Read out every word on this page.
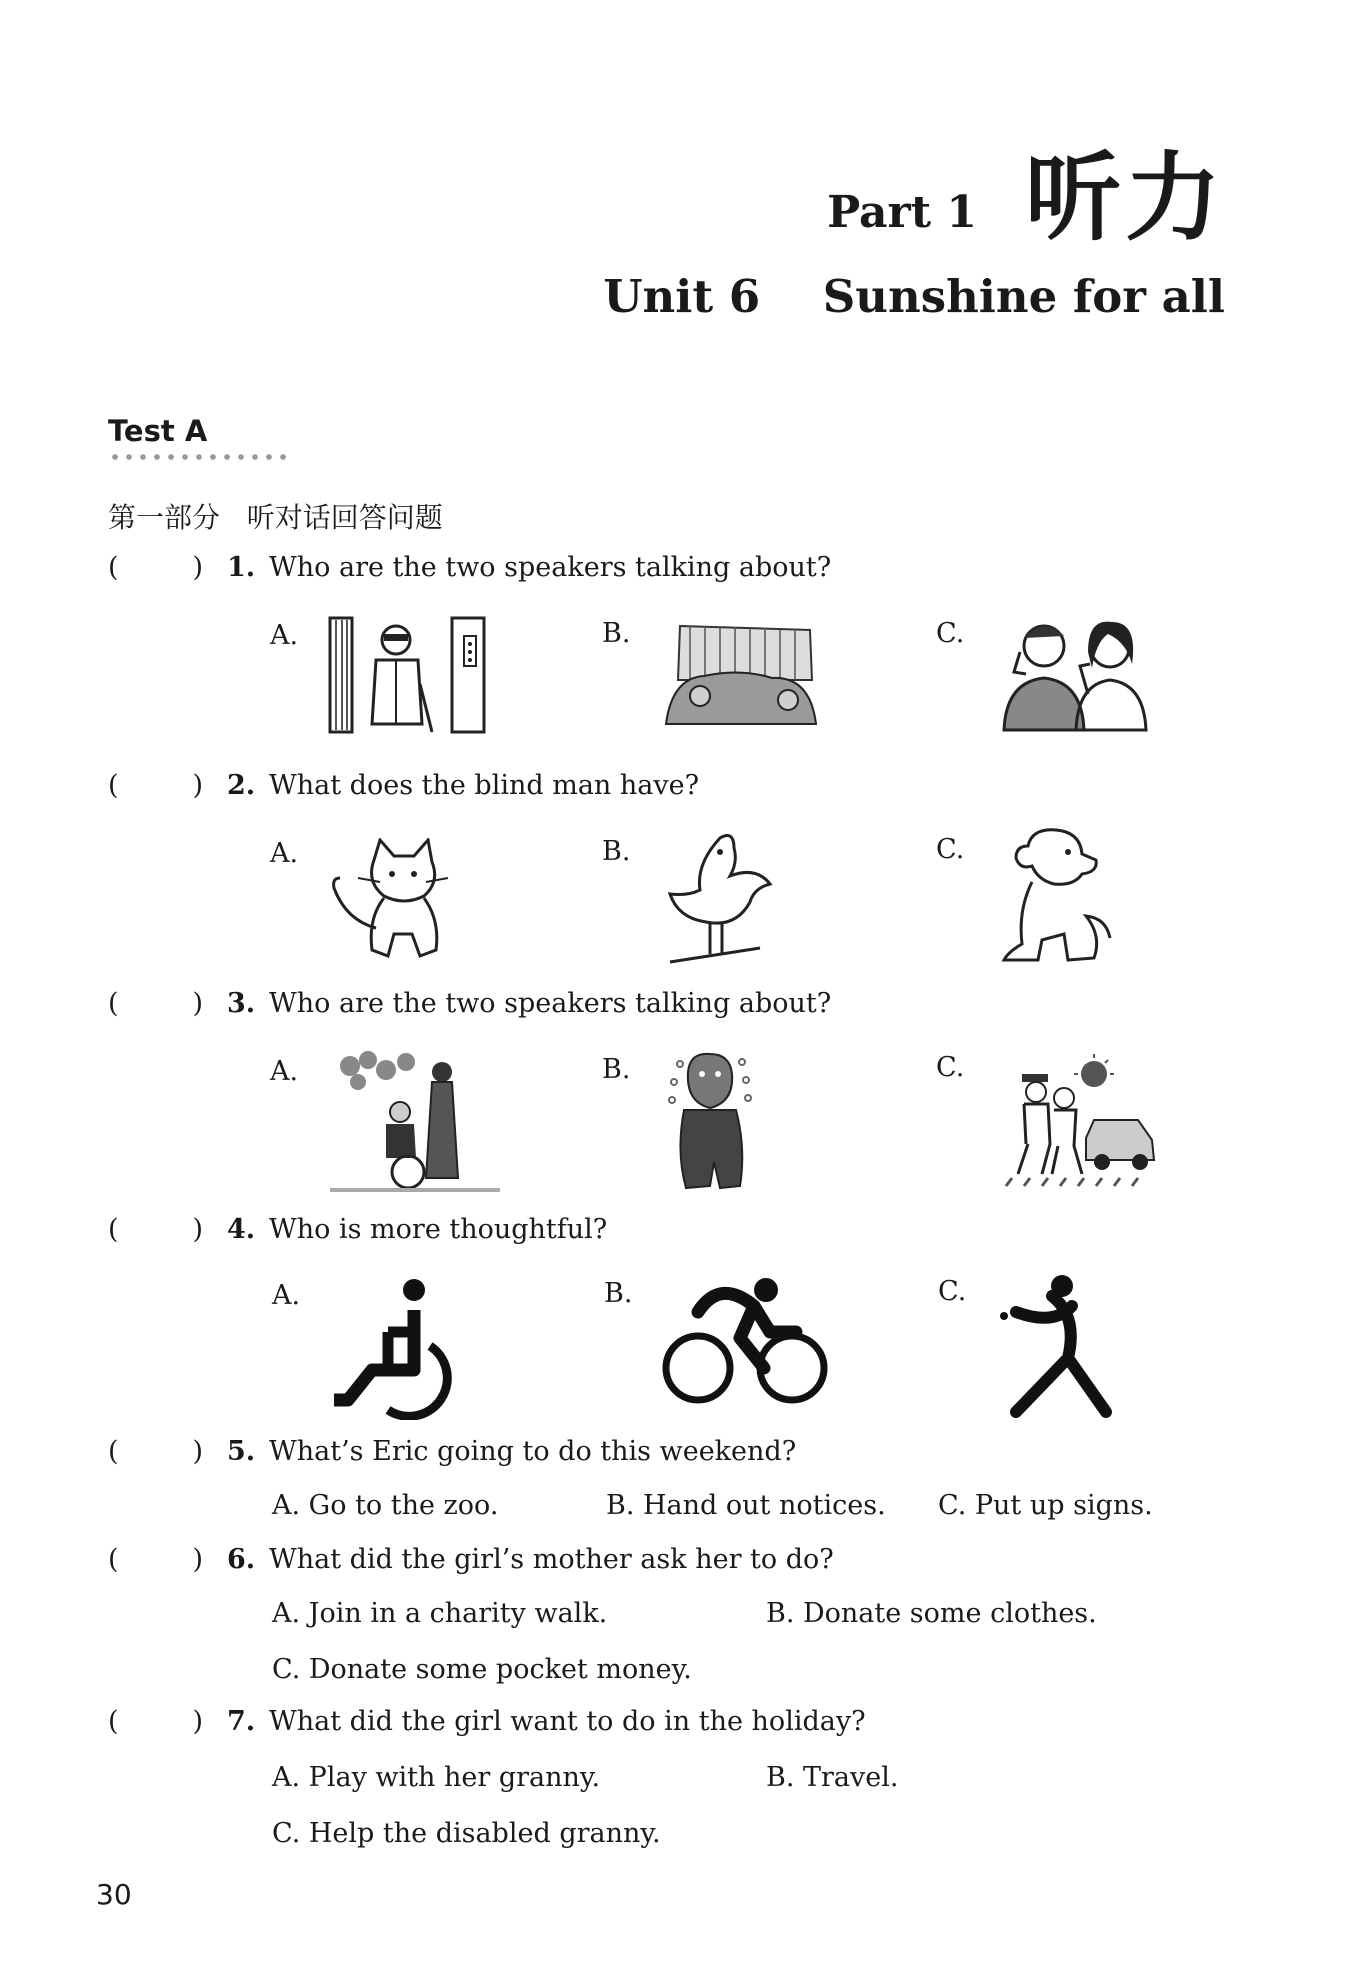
Part 1 听力
Unit 6    Sunshine for all
Test A
第一部分   听对话回答问题
(	) 1. Who are the two speakers talking about?
A.	B.	C.
(	) 2. What does the blind man have?
A.	B.	C.
(	) 3. Who are the two speakers talking about?
A.	B.	C.
(	) 4. Who is more thoughtful?
A.	B.	C.
(	) 5. What’s Eric going to do this weekend?
A. Go to the zoo.	B. Hand out notices. C. Put up signs.
(	) 6. What did the girl’s mother ask her to do?
A. Join in a charity walk.	B. Donate some clothes.
C. Donate some pocket money.
(	) 7. What did the girl want to do in the holiday?
A. Play with her granny.	B. Travel.
C. Help the disabled granny.
30
